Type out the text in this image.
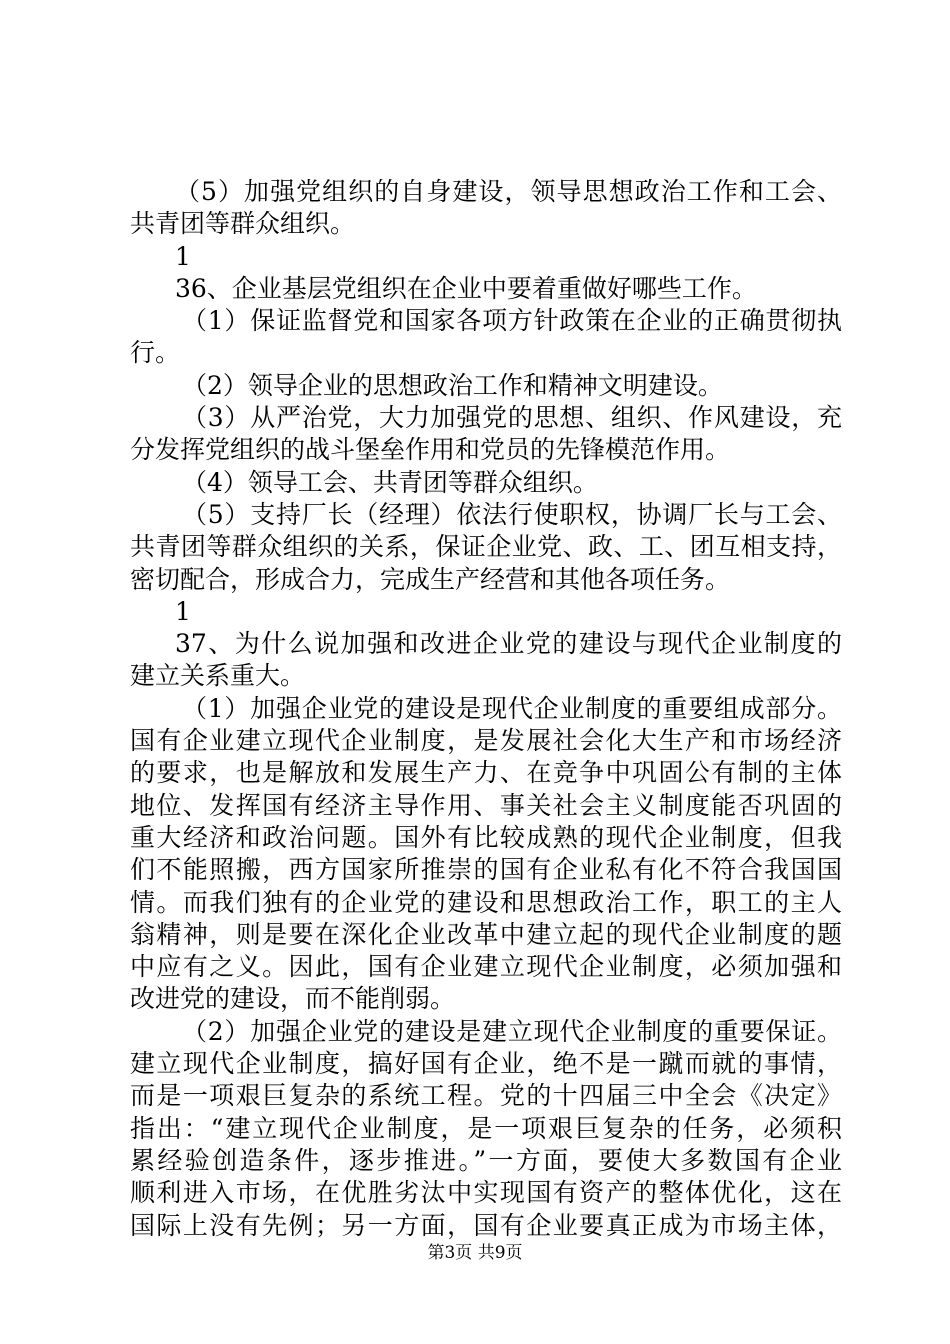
（5）加强党组织的自身建设，领导思想政治工作和工会、
共青团等群众组织。
1
36、企业基层党组织在企业中要着重做好哪些工作。
（1）保证监督党和国家各项方针政策在企业的正确贯彻执
行。
（2）领导企业的思想政治工作和精神文明建设。
（3）从严治党，大力加强党的思想、组织、作风建设，充
分发挥党组织的战斗堡垒作用和党员的先锋模范作用。
（4）领导工会、共青团等群众组织。
（5）支持厂长（经理）依法行使职权，协调厂长与工会、
共青团等群众组织的关系，保证企业党、政、工、团互相支持，
密切配合，形成合力，完成生产经营和其他各项任务。
1
37、为什么说加强和改进企业党的建设与现代企业制度的
建立关系重大。
（1）加强企业党的建设是现代企业制度的重要组成部分。
国有企业建立现代企业制度，是发展社会化大生产和市场经济
的要求，也是解放和发展生产力、在竞争中巩固公有制的主体
地位、发挥国有经济主导作用、事关社会主义制度能否巩固的
重大经济和政治问题。国外有比较成熟的现代企业制度，但我
们不能照搬，西方国家所推崇的国有企业私有化不符合我国国
情。而我们独有的企业党的建设和思想政治工作，职工的主人
翁精神，则是要在深化企业改革中建立起的现代企业制度的题
中应有之义。因此，国有企业建立现代企业制度，必须加强和
改进党的建设，而不能削弱。
（2）加强企业党的建设是建立现代企业制度的重要保证。
建立现代企业制度，搞好国有企业，绝不是一蹴而就的事情，
而是一项艰巨复杂的系统工程。党的十四届三中全会《决定》
指出：“建立现代企业制度，是一项艰巨复杂的任务，必须积
累经验创造条件，逐步推进。”一方面，要使大多数国有企业
顺利进入市场，在优胜劣汰中实现国有资产的整体优化，这在
国际上没有先例；另一方面，国有企业要真正成为市场主体，
第3页 共9页
